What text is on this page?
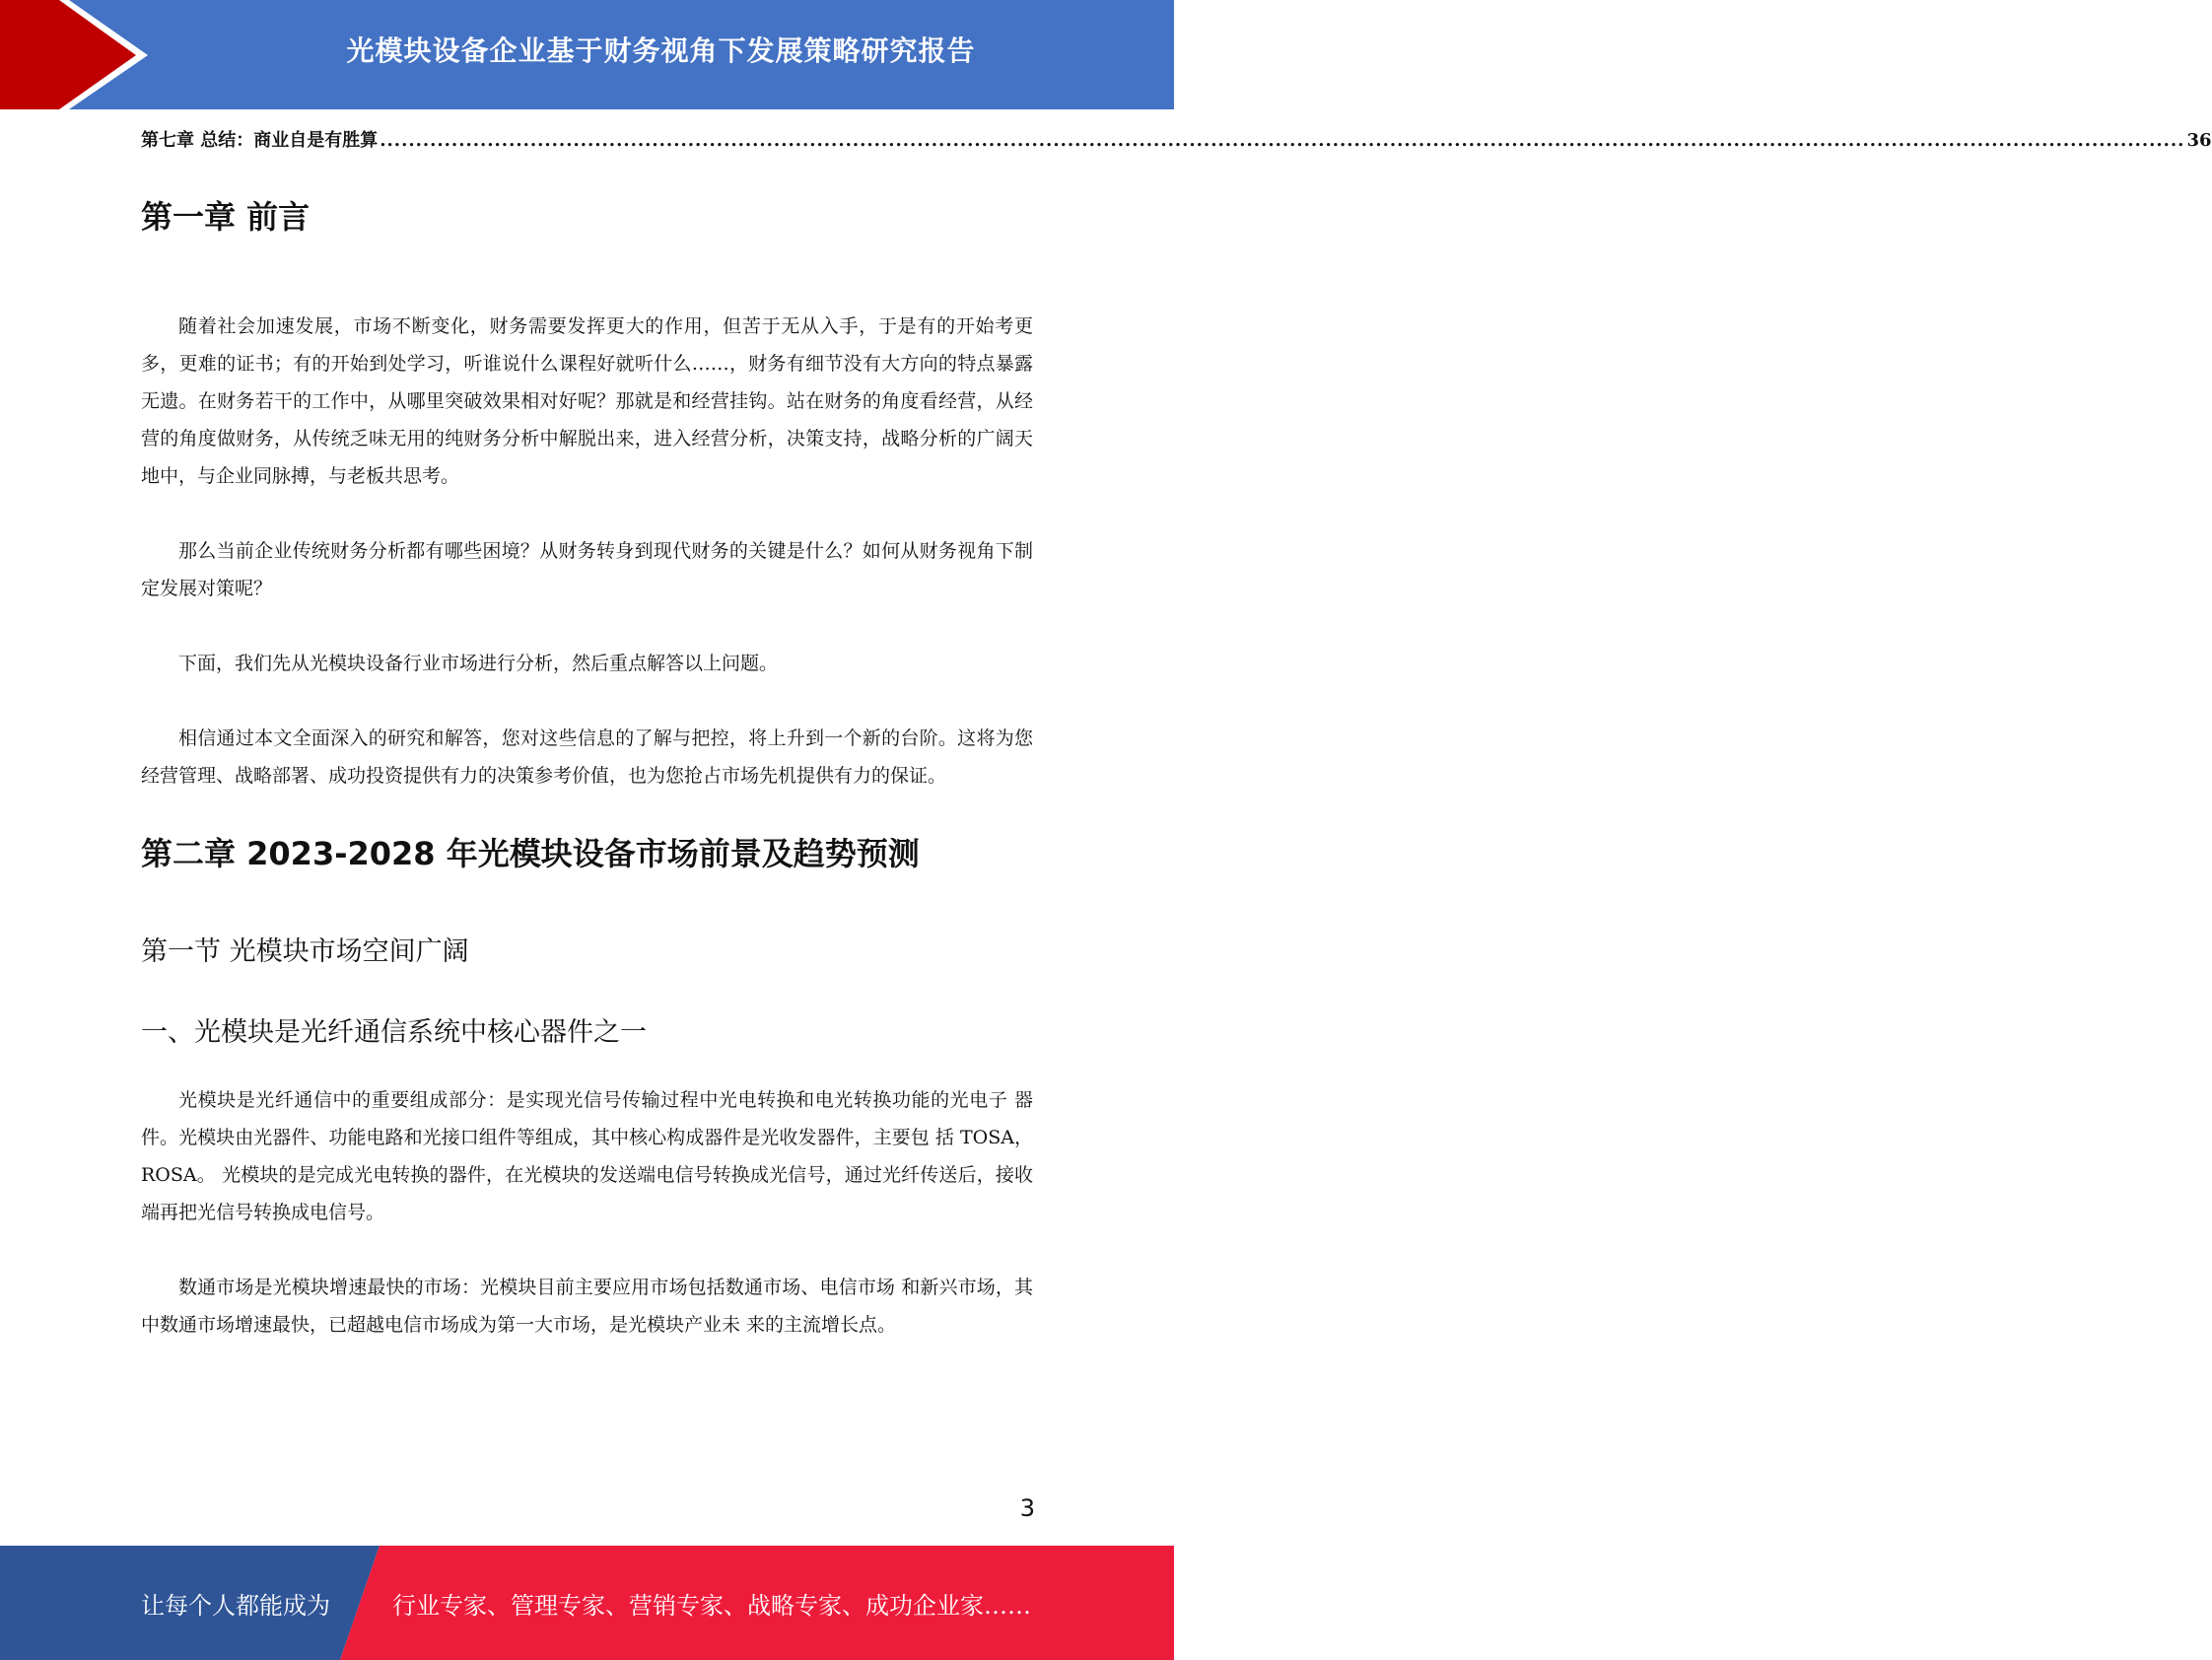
光模块设备企业基于财务视角下发展策略研究报告
第七章 总结：商业自是有胜算 ............................................................................................................................................................................................................................................................ 36
第一章 前言

随着社会加速发展，市场不断变化，财务需要发挥更大的作用，但苦于无从入手，于是有的开始考更多，更难的证书；有的开始到处学习，听谁说什么课程好就听什么……，财务有细节没有大方向的特点暴露无遗。在财务若干的工作中，从哪里突破效果相对好呢？那就是和经营挂钩。站在财务的角度看经营，从经营的角度做财务，从传统乏味无用的纯财务分析中解脱出来，进入经营分析，决策支持，战略分析的广阔天地中，与企业同脉搏，与老板共思考。

那么当前企业传统财务分析都有哪些困境？从财务转身到现代财务的关键是什么？如何从财务视角下制定发展对策呢？

下面，我们先从光模块设备行业市场进行分析，然后重点解答以上问题。

相信通过本文全面深入的研究和解答，您对这些信息的了解与把控，将上升到一个新的台阶。这将为您经营管理、战略部署、成功投资提供有力的决策参考价值，也为您抢占市场先机提供有力的保证。

第二章 2023-2028 年光模块设备市场前景及趋势预测
第一节 光模块市场空间广阔
一、光模块是光纤通信系统中核心器件之一

光模块是光纤通信中的重要组成部分：是实现光信号传输过程中光电转换和电光转换功能的光电子 器件。光模块由光器件、功能电路和光接口组件等组成，其中核心构成器件是光收发器件，主要包 括 TOSA，ROSA。 光模块的是完成光电转换的器件，在光模块的发送端电信号转换成光信号，通过光纤传送后，接收 端再把光信号转换成电信号。

数通市场是光模块增速最快的市场：光模块目前主要应用市场包括数通市场、电信市场 和新兴市场，其中数通市场增速最快，已超越电信市场成为第一大市场，是光模块产业未 来的主流增长点。

3
让每个人都能成为	行业专家、管理专家、营销专家、战略专家、成功企业家……
